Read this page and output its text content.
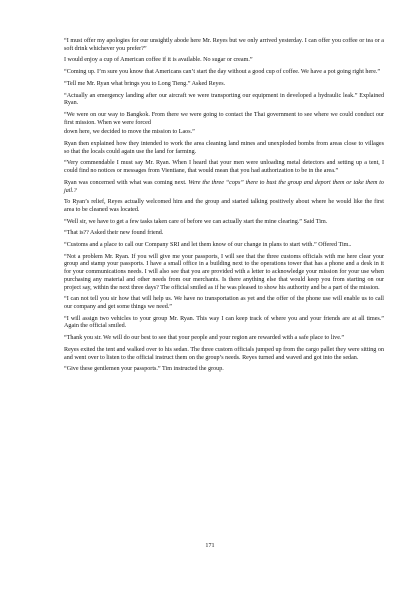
“I must offer my apologies for our unsightly abode here Mr. Reyes but we only arrived yesterday. I can offer you coffee or tea or a soft drink whichever you prefer?”

I would enjoy a cup of American coffee if it is available. No sugar or cream.”

“Coming up. I’m sure you know that Americans can’t start the day without a good cup of coffee. We have a pot going right here.”

“Tell me Mr. Ryan what brings you to Long Tieng.” Asked Reyes.

“Actually an emergency landing after our aircraft we were transporting our equipment in developed a hydraulic leak.” Explained Ryan.

“We were on our way to Bangkok. From there we were going to contact the Thai government to see where we could conduct our first mission. When we were forced

down here, we decided to move the mission to Laos.”

Ryan then explained how they intended to work the area cleaning land mines and unexploded bombs from areas close to villages so that the locals could again use the land for farming.

“Very commendable I must say Mr. Ryan. When I heard that your men were unloading metal detectors and setting up a tent, I could find no notices or messages from Vientiane, that would mean that you had authorization to be in the area.”

Ryan was concerned with what was coming next. Were the three “cops” there to bust the group and deport them or take them to jail.?

To Ryan’s relief, Reyes actually welcomed him and the group and started talking positively about where he would like the first area to be cleaned was located.

“Well sir, we have to get a few tasks taken care of before we can actually start the mine clearing.” Said Tim.

“That is?? Asked their new found friend.

“Customs and a place to call our Company SRI and let them know of our change in plans to start with.” Offered Tim..

“Not a problem Mr. Ryan. If you will give me your passports, I will see that the three customs officials with me here clear your group and stamp your passports. I have a small office in a building next to the operations tower that has a phone and a desk in it for your communications needs. I will also see that you are provided with a letter to acknowledge your mission for your use when purchasing any material and other needs from our merchants. Is there anything else that would keep you from starting on our project say, within the next three days? The official smiled as if he was pleased to show his authority and be a part of the mission.

“I can not tell you sir how that will help us. We have no transportation as yet and the offer of the phone use will enable us to call our company and get some things we need.”

“I will assign two vehicles to your group Mr. Ryan. This way I can keep track of where you and your friends are at all times.” Again the official smiled.

“Thank you sir. We will do our best to see that your people and your region are rewarded with a safe place to live.”

Reyes exited the tent and walked over to his sedan. The three custom officials jumped up from the cargo pallet they were sitting on and went over to listen to the official instruct them on the group’s needs. Reyes turned and waved and got into the sedan.

“Give these gentlemen your passports.” Tim instructed the group.

171
